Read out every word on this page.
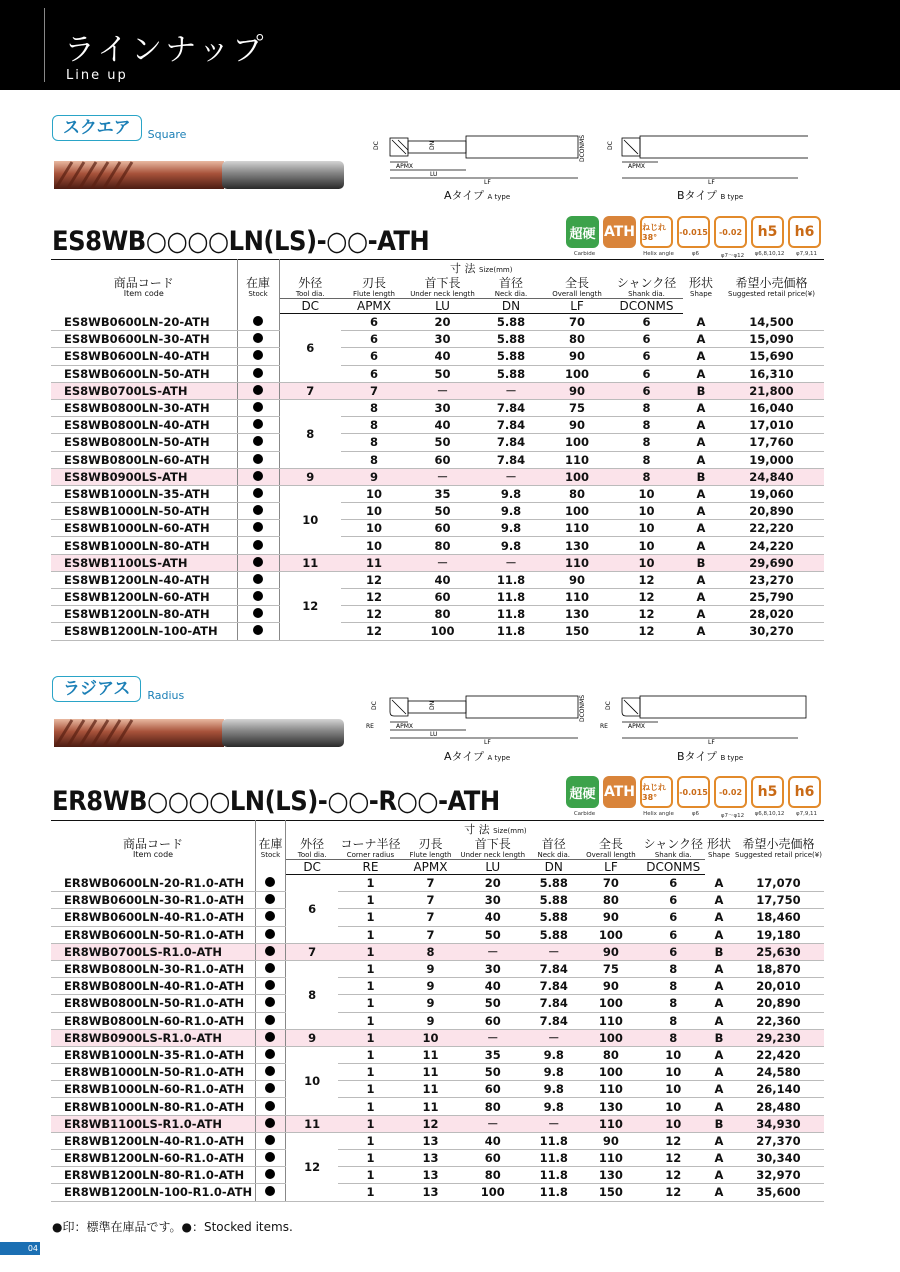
ラインナップ
Line up
スクエア	Square
APMX
LU
LF
DC	DN	DCONMS
APMX
LF
DC
Aタイプ A type	Bタイプ B type
ES8WB○○○○LN(LS)-○○-ATH	超硬 ATH ねじれ38°
-0.015	-0.02	h5	h6
Carbide	Helix angle	φ6	φ7～φ12	φ6,8,10,12	φ7,9,11
商品コード
Item code	在庫
Stock	寸 法 Size(mm)						形状
Shape	希望小売価格
Suggested retail price(¥)

		外径
Tool dia.	刃長
Flute length	首下長
Under neck length	首径
Neck dia.	全長
Overall length	シャンク径
Shank dia.		

		DC	APMX	LU	DN	LF	DCONMS		
ES8WB0600LN-20-ATH		6	6	20	5.88	70	6	A	14,500
ES8WB0600LN-30-ATH			6	30	5.88	80	6	A	15,090
ES8WB0600LN-40-ATH			6	40	5.88	90	6	A	15,690
ES8WB0600LN-50-ATH			6	50	5.88	100	6	A	16,310
ES8WB0700LS-ATH		7	7	－	－	90	6	B	21,800
ES8WB0800LN-30-ATH		8	8	30	7.84	75	8	A	16,040
ES8WB0800LN-40-ATH			8	40	7.84	90	8	A	17,010
ES8WB0800LN-50-ATH			8	50	7.84	100	8	A	17,760
ES8WB0800LN-60-ATH			8	60	7.84	110	8	A	19,000
ES8WB0900LS-ATH		9	9	－	－	100	8	B	24,840
ES8WB1000LN-35-ATH		10	10	35	9.8	80	10	A	19,060
ES8WB1000LN-50-ATH			10	50	9.8	100	10	A	20,890
ES8WB1000LN-60-ATH			10	60	9.8	110	10	A	22,220
ES8WB1000LN-80-ATH			10	80	9.8	130	10	A	24,220
ES8WB1100LS-ATH		11	11	－	－	110	10	B	29,690
ES8WB1200LN-40-ATH		12	12	40	11.8	90	12	A	23,270
ES8WB1200LN-60-ATH			12	60	11.8	110	12	A	25,790
ES8WB1200LN-80-ATH			12	80	11.8	130	12	A	28,020
ES8WB1200LN-100-ATH			12	100	11.8	150	12	A	30,270
ラジアス	Radius
RE	APMX
LU
LF
DC	DN	DCONMS
RE	APMX
LF
DC
Aタイプ A type	Bタイプ B type
ER8WB○○○○LN(LS)-○○-R○○-ATH	超硬 ATH ねじれ38°
-0.015	-0.02	h5	h6
Carbide	Helix angle	φ6	φ7～φ12	φ6,8,10,12	φ7,9,11
商品コード
Item code	在庫
Stock	寸 法 Size(mm)							形状
Shape	希望小売価格
Suggested retail price(¥)

		外径
Tool dia.	コーナ半径
Corner radius	刃長
Flute length	首下長
Under neck length	首径
Neck dia.	全長
Overall length	シャンク径
Shank dia.		

		DC	RE	APMX	LU	DN	LF	DCONMS		
ER8WB0600LN-20-R1.0-ATH		6	1	7	20	5.88	70	6	A	17,070
ER8WB0600LN-30-R1.0-ATH			1	7	30	5.88	80	6	A	17,750
ER8WB0600LN-40-R1.0-ATH			1	7	40	5.88	90	6	A	18,460
ER8WB0600LN-50-R1.0-ATH			1	7	50	5.88	100	6	A	19,180
ER8WB0700LS-R1.0-ATH		7	1	8	－	－	90	6	B	25,630
ER8WB0800LN-30-R1.0-ATH		8	1	9	30	7.84	75	8	A	18,870
ER8WB0800LN-40-R1.0-ATH			1	9	40	7.84	90	8	A	20,010
ER8WB0800LN-50-R1.0-ATH			1	9	50	7.84	100	8	A	20,890
ER8WB0800LN-60-R1.0-ATH			1	9	60	7.84	110	8	A	22,360
ER8WB0900LS-R1.0-ATH		9	1	10	－	－	100	8	B	29,230
ER8WB1000LN-35-R1.0-ATH		10	1	11	35	9.8	80	10	A	22,420
ER8WB1000LN-50-R1.0-ATH			1	11	50	9.8	100	10	A	24,580
ER8WB1000LN-60-R1.0-ATH			1	11	60	9.8	110	10	A	26,140
ER8WB1000LN-80-R1.0-ATH			1	11	80	9.8	130	10	A	28,480
ER8WB1100LS-R1.0-ATH		11	1	12	－	－	110	10	B	34,930
ER8WB1200LN-40-R1.0-ATH		12	1	13	40	11.8	90	12	A	27,370
ER8WB1200LN-60-R1.0-ATH			1	13	60	11.8	110	12	A	30,340
ER8WB1200LN-80-R1.0-ATH			1	13	80	11.8	130	12	A	32,970
ER8WB1200LN-100-R1.0-ATH			1	13	100	11.8	150	12	A	35,600
●印：標準在庫品です。●：Stocked items.
04
